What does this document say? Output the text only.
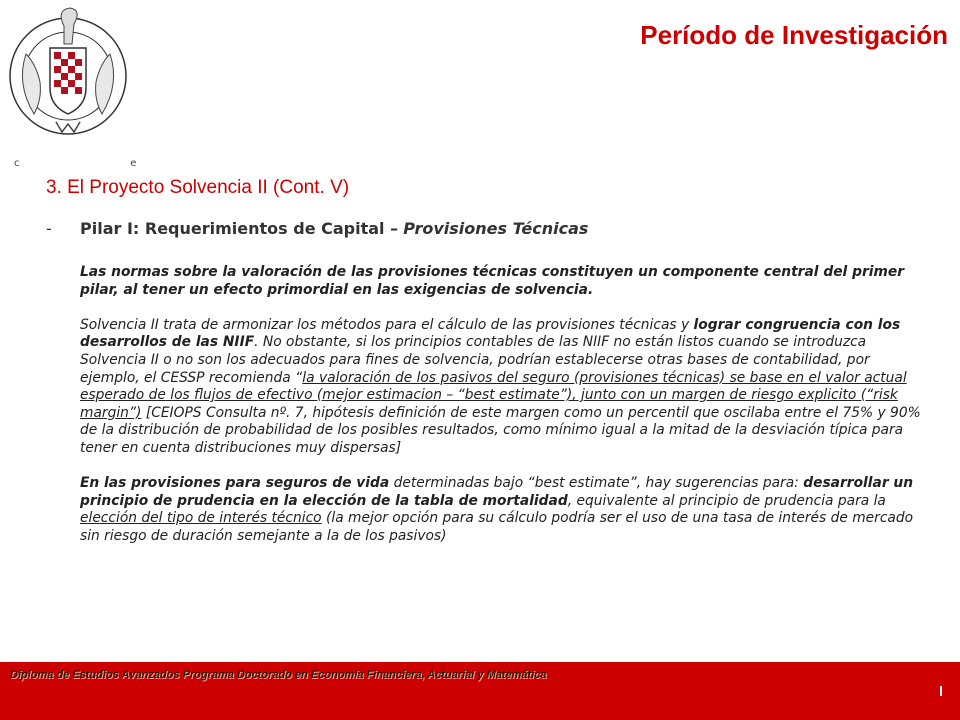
c                     e
Período de Investigación
3. El Proyecto Solvencia II (Cont. V)
- Pilar I: Requerimientos de Capital – Provisiones Técnicas

Las normas sobre la valoración de las provisiones técnicas constituyen un componente central del primer pilar, al tener un efecto primordial en las exigencias de solvencia.

Solvencia II trata de armonizar los métodos para el cálculo de las provisiones técnicas y lograr congruencia con los desarrollos de las NIIF. No obstante, si los principios contables de las NIIF no están listos cuando se introduzca Solvencia II o no son los adecuados para fines de solvencia, podrían establecerse otras bases de contabilidad, por ejemplo, el CESSP recomienda “la valoración de los pasivos del seguro (provisiones técnicas) se base en el valor actual esperado de los flujos de efectivo (mejor estimacion – “best estimate”), junto con un margen de riesgo explicito (“risk margin”) [CEIOPS Consulta nº. 7, hipótesis definición de este margen como un percentil que oscilaba entre el 75% y 90% de la distribución de probabilidad de los posibles resultados, como mínimo igual a la mitad de la desviación típica para tener en cuenta distribuciones muy dispersas]

En las provisiones para seguros de vida determinadas bajo “best estimate”, hay sugerencias para: desarrollar un principio de prudencia en la elección de la tabla de mortalidad, equivalente al principio de prudencia para la elección del tipo de interés técnico (la mejor opción para su cálculo podría ser el uso de una tasa de interés de mercado sin riesgo de duración semejante a la de los pasivos)

Diploma de Estudios Avanzados Programa Doctorado en Economía Financiera, Actuarial y Matemática
